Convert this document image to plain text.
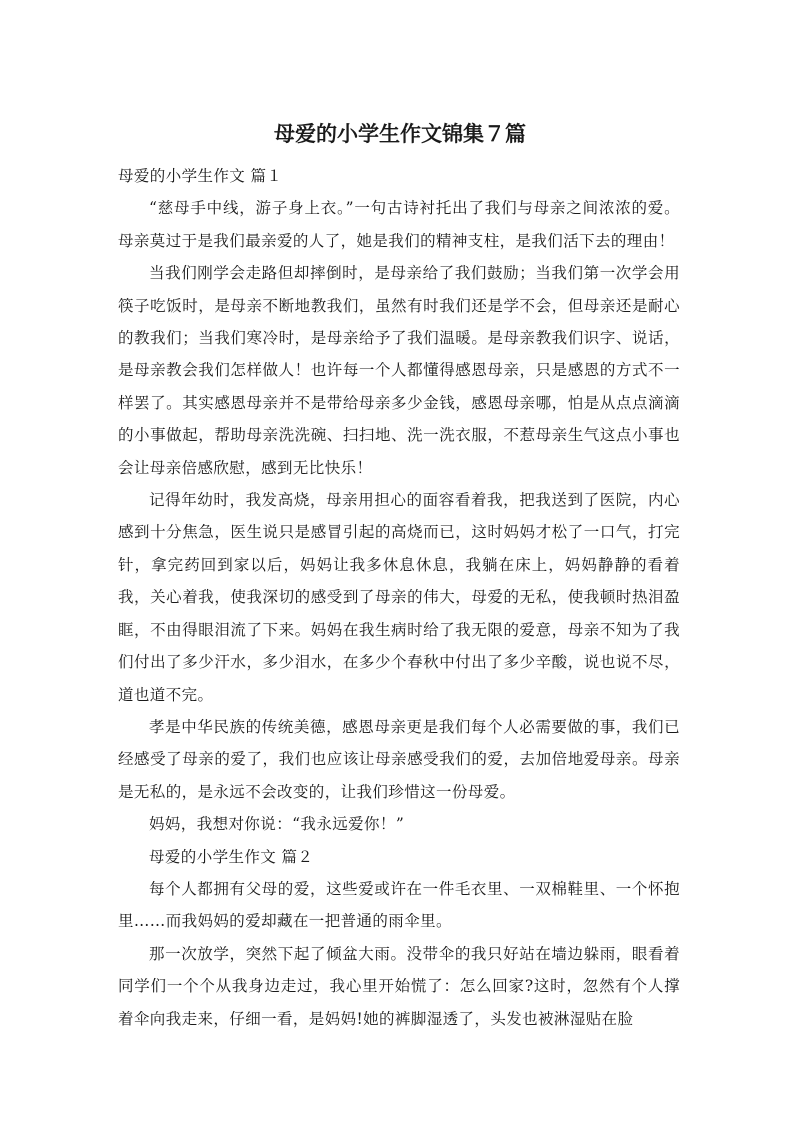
母爱的小学生作文锦集７篇

母爱的小学生作文 篇１

“慈母手中线，游子身上衣。”一句古诗衬托出了我们与母亲之间浓浓的爱。母亲莫过于是我们最亲爱的人了，她是我们的精神支柱，是我们活下去的理由！

当我们刚学会走路但却摔倒时，是母亲给了我们鼓励；当我们第一次学会用筷子吃饭时，是母亲不断地教我们，虽然有时我们还是学不会，但母亲还是耐心的教我们；当我们寒冷时，是母亲给予了我们温暖。是母亲教我们识字、说话，是母亲教会我们怎样做人！也许每一个人都懂得感恩母亲，只是感恩的方式不一样罢了。其实感恩母亲并不是带给母亲多少金钱，感恩母亲哪，怕是从点点滴滴的小事做起，帮助母亲洗洗碗、扫扫地、洗一洗衣服，不惹母亲生气这点小事也会让母亲倍感欣慰，感到无比快乐！

记得年幼时，我发高烧，母亲用担心的面容看着我，把我送到了医院，内心感到十分焦急，医生说只是感冒引起的高烧而已，这时妈妈才松了一口气，打完针，拿完药回到家以后，妈妈让我多休息休息，我躺在床上，妈妈静静的看着我，关心着我，使我深切的感受到了母亲的伟大，母爱的无私，使我顿时热泪盈眶，不由得眼泪流了下来。妈妈在我生病时给了我无限的爱意，母亲不知为了我们付出了多少汗水，多少泪水，在多少个春秋中付出了多少辛酸，说也说不尽，道也道不完。

孝是中华民族的传统美德，感恩母亲更是我们每个人必需要做的事，我们已经感受了母亲的爱了，我们也应该让母亲感受我们的爱，去加倍地爱母亲。母亲是无私的，是永远不会改变的，让我们珍惜这一份母爱。

妈妈，我想对你说：“我永远爱你！”

母爱的小学生作文 篇２

每个人都拥有父母的爱，这些爱或许在一件毛衣里、一双棉鞋里、一个怀抱里……而我妈妈的爱却藏在一把普通的雨伞里。

那一次放学，突然下起了倾盆大雨。没带伞的我只好站在墙边躲雨，眼看着同学们一个个从我身边走过，我心里开始慌了：怎么回家?这时，忽然有个人撑着伞向我走来，仔细一看，是妈妈!她的裤脚湿透了，头发也被淋湿贴在脸
